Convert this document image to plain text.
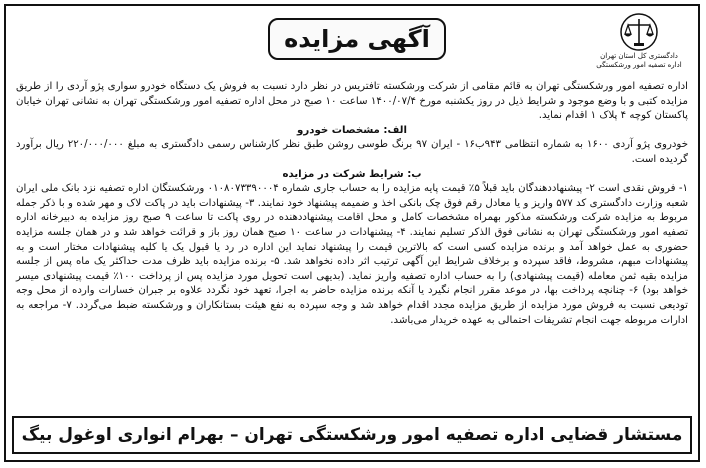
دادگستری کل استان تهران
اداره تصفیه امور ورشکستگی
آگهی مزایده

اداره تصفیه امور ورشکستگی تهران به قائم مقامی از شرکت ورشکسته تافتریس در نظر دارد نسبت به فروش یک دستگاه خودرو سواری پژو آردی را از طریق مزایده کتبی و با وضع موجود و شرایط ذیل در روز یکشنبه مورخ ۱۴۰۰/۰۷/۴ ساعت ۱۰ صبح در محل اداره تصفیه امور ورشکستگی تهران به نشانی تهران خیابان پاکستان کوچه ۴ پلاک ۱ اقدام نماید.

الف: مشخصات خودرو

خودروی پژو آردی ۱۶۰۰ به شماره انتظامی ۹۴۳ب۱۶ - ایران ۹۷ برنگ طوسی روشن طبق نظر کارشناس رسمی دادگستری به مبلغ ۲۲۰/۰۰۰/۰۰۰ ریال برآورد گردیده است.

ب: شرایط شرکت در مزایده

۱- فروش نقدی است ۲- پیشنهاددهندگان باید قبلاً ۵٪ قیمت پایه مزایده را به حساب جاری شماره ۰۱۰۸۰۷۳۳۹۰۰۰۴ ورشکستگان اداره تصفیه نزد بانک ملی ایران شعبه وزارت دادگستری کد ۵۷۷ واریز و یا معادل رقم فوق چک بانکی اخذ و ضمیمه پیشنهاد خود نمایند. ۳- پیشنهادات باید در پاکت لاک و مهر شده و با ذکر جمله مربوط به مزایده شرکت ورشکسته مذکور بهمراه مشخصات کامل و محل اقامت پیشنهاددهنده در روی پاکت تا ساعت ۹ صبح روز مزایده به دبیرخانه اداره تصفیه امور ورشکستگی تهران به نشانی فوق الذکر تسلیم نمایند. ۴- پیشنهادات در ساعت ۱۰ صبح همان روز باز و قرائت خواهد شد و در همان جلسه مزایده حضوری به عمل خواهد آمد و برنده مزایده کسی است که بالاترین قیمت را پیشنهاد نماید این اداره در رد یا قبول یک یا کلیه پیشنهادات مختار است و به پیشنهادات مبهم، مشروط، فاقد سپرده و برخلاف شرایط این آگهی ترتیب اثر داده نخواهد شد. ۵- برنده مزایده باید ظرف مدت حداکثر یک ماه پس از جلسه مزایده بقیه ثمن معامله (قیمت پیشنهادی) را به حساب اداره تصفیه واریز نماید. (بدیهی است تحویل مورد مزایده پس از پرداخت ۱۰۰٪ قیمت پیشنهادی میسر خواهد بود) ۶- چنانچه پرداخت بها، در موعد مقرر انجام نگیرد یا آنکه برنده مزایده حاضر به اجرا، تعهد خود نگردد علاوه بر جبران خسارات وارده از محل وجه تودیعی نسبت به فروش مورد مزایده از طریق مزایده مجدد اقدام خواهد شد و وجه سپرده به نفع هیئت بستانکاران و ورشکسته ضبط می‌گردد. ۷- مراجعه به ادارات مربوطه جهت انجام تشریفات احتمالی به عهده خریدار می‌باشد.

مستشار قضایی اداره تصفیه امور ورشکستگی تهران – بهرام انواری اوغول بیگ
